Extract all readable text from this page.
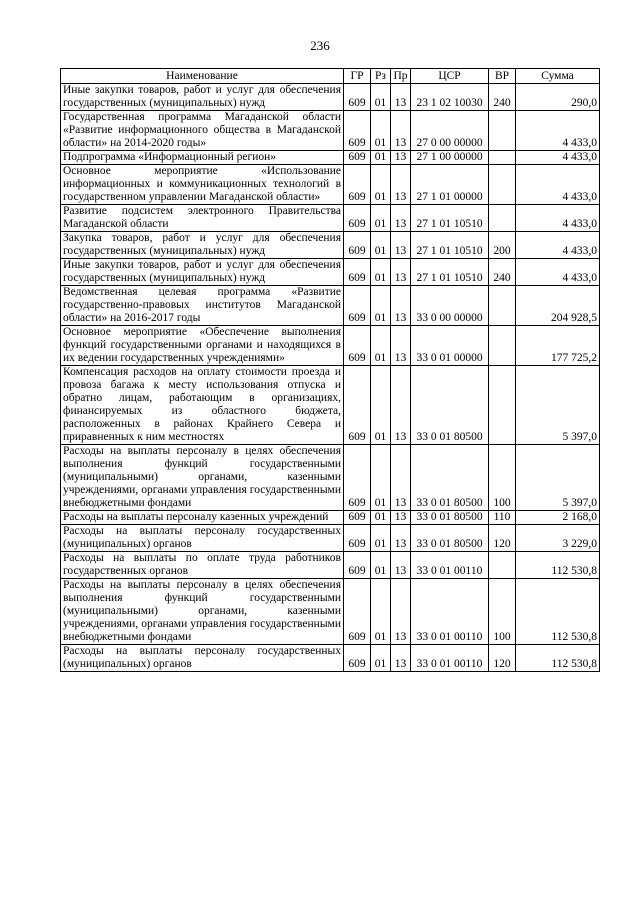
236
Наименование	ГР	Рз	Пр	ЦСР	ВР	Сумма
Иные закупки товаров, работ и услуг для обеспечения государственных (муниципальных) нужд	609	01	13	23 1 02 10030	240	290,0
Государственная программа Магаданской области «Развитие информационного общества в Магаданской области» на 2014-2020 годы»	609	01	13	27 0 00 00000		4 433,0
Подпрограмма «Информационный регион»	609	01	13	27 1 00 00000		4 433,0
Основное мероприятие «Использование информационных и коммуникационных технологий в государственном управлении Магаданской области»	609	01	13	27 1 01 00000		4 433,0
Развитие подсистем электронного Правительства Магаданской области	609	01	13	27 1 01 10510		4 433,0
Закупка товаров, работ и услуг для обеспечения государственных (муниципальных) нужд	609	01	13	27 1 01 10510	200	4 433,0
Иные закупки товаров, работ и услуг для обеспечения государственных (муниципальных) нужд	609	01	13	27 1 01 10510	240	4 433,0
Ведомственная целевая программа «Развитие государственно-правовых институтов Магаданской области» на 2016-2017 годы	609	01	13	33 0 00 00000		204 928,5
Основное мероприятие «Обеспечение выполнения функций государственными органами и находящихся в их ведении государственных учреждениями»	609	01	13	33 0 01 00000		177 725,2
Компенсация расходов на оплату стоимости проезда и провоза багажа к месту использования отпуска и обратно лицам, работающим в организациях, финансируемых из областного бюджета, расположенных в районах Крайнего Севера и приравненных к ним местностях	609	01	13	33 0 01 80500		5 397,0
Расходы на выплаты персоналу в целях обеспечения выполнения функций государственными (муниципальными) органами, казенными учреждениями, органами управления государственными внебюджетными фондами	609	01	13	33 0 01 80500	100	5 397,0
Расходы на выплаты персоналу казенных учреждений	609	01	13	33 0 01 80500	110	2 168,0
Расходы на выплаты персоналу государственных (муниципальных) органов	609	01	13	33 0 01 80500	120	3 229,0
Расходы на выплаты по оплате труда работников государственных органов	609	01	13	33 0 01 00110		112 530,8
Расходы на выплаты персоналу в целях обеспечения выполнения функций государственными (муниципальными) органами, казенными учреждениями, органами управления государственными внебюджетными фондами	609	01	13	33 0 01 00110	100	112 530,8
Расходы на выплаты персоналу государственных (муниципальных) органов	609	01	13	33 0 01 00110	120	112 530,8
